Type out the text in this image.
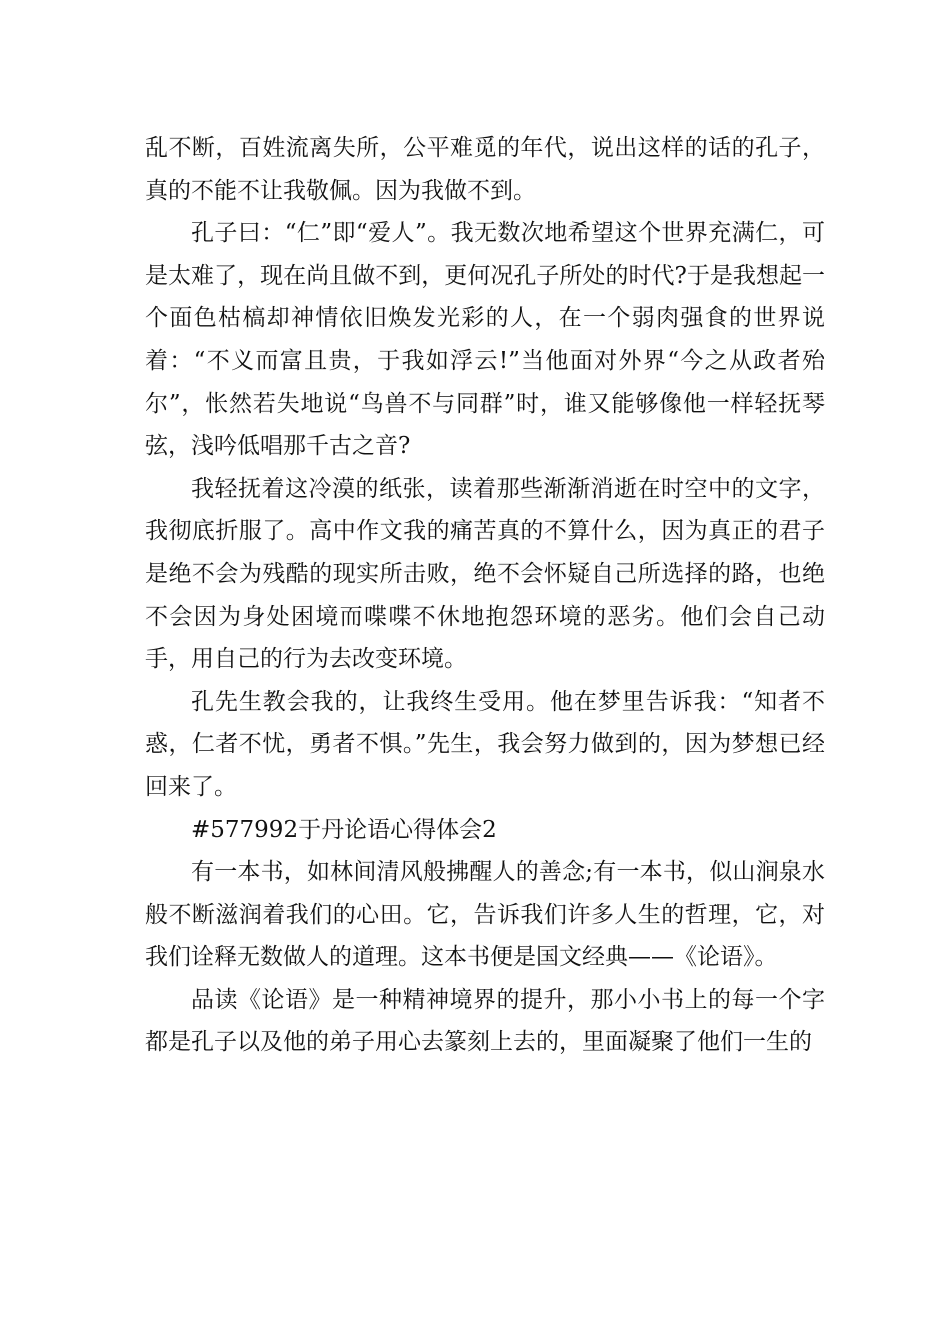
乱不断，百姓流离失所，公平难觅的年代，说出这样的话的孔子，真的不能不让我敬佩。因为我做不到。

孔子曰：“仁”即“爱人”。我无数次地希望这个世界充满仁，可是太难了，现在尚且做不到，更何况孔子所处的时代?于是我想起一个面色枯槁却神情依旧焕发光彩的人，在一个弱肉强食的世界说着：“不义而富且贵，于我如浮云!”当他面对外界“今之从政者殆尔”，怅然若失地说“鸟兽不与同群”时，谁又能够像他一样轻抚琴弦，浅吟低唱那千古之音?

我轻抚着这冷漠的纸张，读着那些渐渐消逝在时空中的文字，我彻底折服了。高中作文我的痛苦真的不算什么，因为真正的君子是绝不会为残酷的现实所击败，绝不会怀疑自己所选择的路，也绝不会因为身处困境而喋喋不休地抱怨环境的恶劣。他们会自己动手，用自己的行为去改变环境。

孔先生教会我的，让我终生受用。他在梦里告诉我：“知者不惑，仁者不忧，勇者不惧。”先生，我会努力做到的，因为梦想已经回来了。

#577992于丹论语心得体会2

有一本书，如林间清风般拂醒人的善念;有一本书，似山涧泉水般不断滋润着我们的心田。它，告诉我们许多人生的哲理，它，对我们诠释无数做人的道理。这本书便是国文经典——《论语》。

品读《论语》是一种精神境界的提升，那小小书上的每一个字都是孔子以及他的弟子用心去篆刻上去的，里面凝聚了他们一生的
